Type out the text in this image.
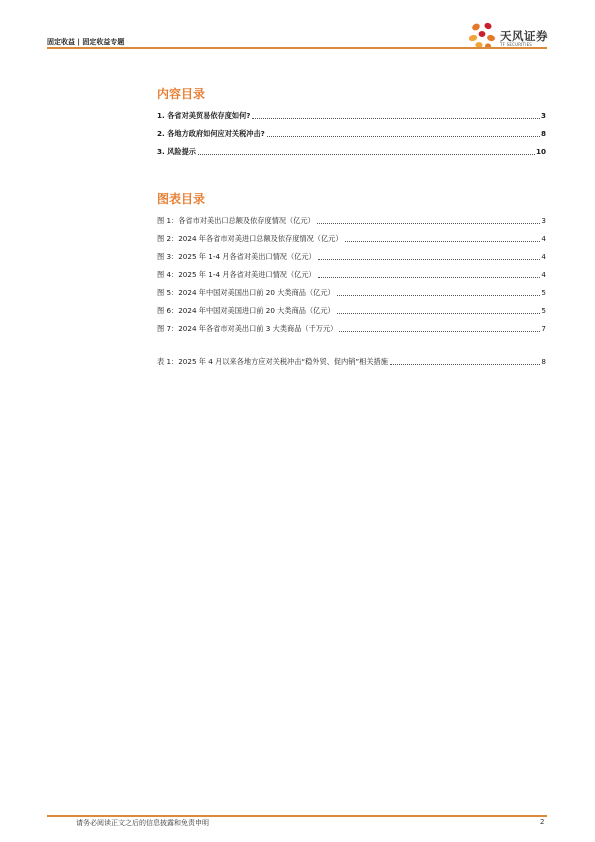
固定收益 | 固定收益专题	天风证券
TF SECURITIES
内容目录
1. 各省对美贸易依存度如何?	3
2. 各地方政府如何应对关税冲击?	8
3. 风险提示	10
图表目录
图 1：各省市对美出口总额及依存度情况（亿元）	3
图 2：2024 年各省市对美进口总额及依存度情况（亿元）	4
图 3：2025 年 1-4 月各省对美出口情况（亿元）	4
图 4：2025 年 1-4 月各省对美进口情况（亿元）	4
图 5：2024 年中国对美国出口前 20 大类商品（亿元）	5
图 6：2024 年中国对美国进口前 20 大类商品（亿元）	5
图 7：2024 年各省市对美出口前 3 大类商品（千万元）	7
表 1：2025 年 4 月以来各地方应对关税冲击“稳外贸、促内销”相关措施	8
请务必阅读正文之后的信息披露和免责申明	2
